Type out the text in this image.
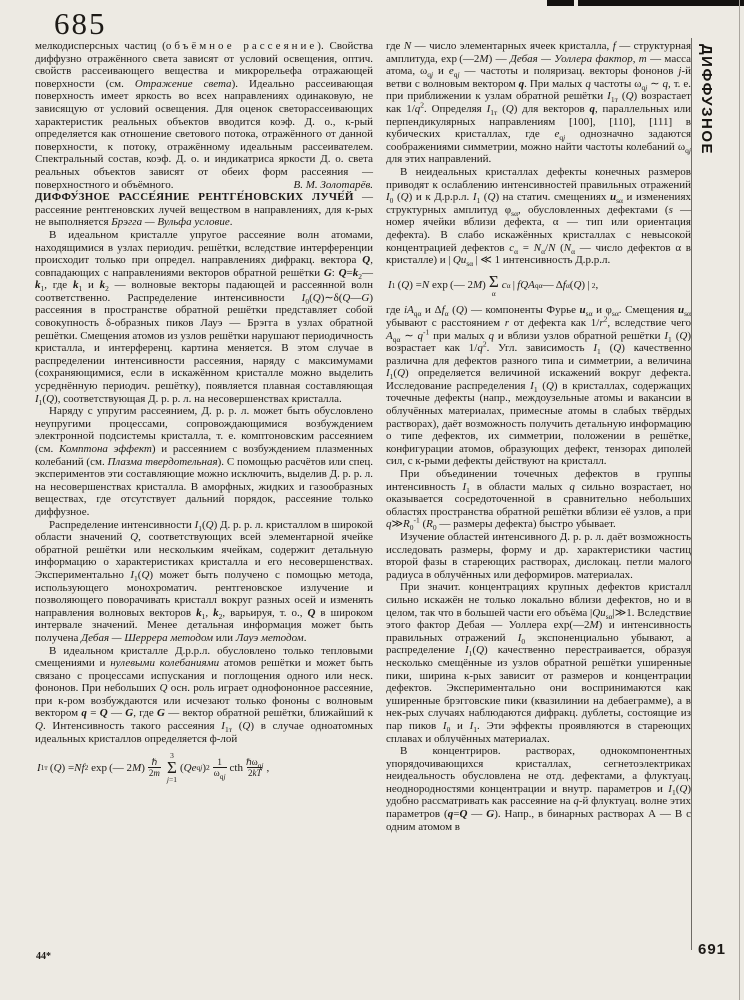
685
ДИФФУЗНОЕ

мелкодисперсных частиц (объёмное рассеяние). Свойства диффузно отражённого света зависят от условий освещения, оптич. свойств рассеивающего вещества и микрорельефа отражающей поверхности (см. Отражение света). Идеально рассеивающая поверхность имеет яркость во всех направлениях одинаковую, не зависящую от условий освещения. Для оценок светорассеивающих характеристик реальных объектов вводится коэф. Д. о., к-рый определяется как отношение светового потока, отражённого от данной поверхности, к потоку, отражённому идеальным рассеивателем. Спектральный состав, коэф. Д. о. и индикатриса яркости Д. о. света реальных объектов зависят от обеих форм рассеяния — поверхностного и объёмного.	В. М. Золотарёв.

ДИФФУ́ЗНОЕ РАССЕ́ЯНИЕ РЕНТГЕ́НОВСКИХ ЛУЧЕ́Й — рассеяние рентгеновских лучей веществом в направлениях, для к-рых не выполняется Брэгга — Вульфа условие.

В идеальном кристалле упругое рассеяние волн атомами, находящимися в узлах периодич. решётки, вследствие интерференции происходит только при определ. направлениях дифракц. вектора Q, совпадающих с направлениями векторов обратной решётки G: $Q=k_2—k_1$, где $k_1$ и $k_2$ — волновые векторы падающей и рассеянной волн соответственно. Распределение интенсивности $I_0(Q)\sim\delta(Q—G)$ рассеяния в пространстве обратной решётки представляет собой совокупность δ-образных пиков Лауэ — Брэгга в узлах обратной решётки. Смещения атомов из узлов решётки нарушают периодичность кристалла, и интерференц. картина меняется. В этом случае в распределении интенсивности рассеяния, наряду с максимумами (сохраняющимися, если в искажённом кристалле можно выделить усреднённую периодич. решётку), появляется плавная составляющая $I_1(Q)$, соответствующая Д. р. р. л. на несовершенствах кристалла.

Наряду с упругим рассеянием, Д. р. р. л. может быть обусловлено неупругими процессами, сопровождающимися возбуждением электронной подсистемы кристалла, т. е. комптоновским рассеянием (см. Комптона эффект) и рассеянием с возбуждением плазменных колебаний (см. Плазма твердотельная). С помощью расчётов или спец. экспериментов эти составляющие можно исключить, выделив Д. р. р. л. на несовершенствах кристалла. В аморфных, жидких и газообразных веществах, где отсутствует дальний порядок, рассеяние только диффузное.

Распределение интенсивности $I_1(Q)$ Д. р. р. л. кристаллом в широкой области значений Q, соответствующих всей элементарной ячейке обратной решётки или нескольким ячейкам, содержит детальную информацию о характеристиках кристалла и его несовершенствах. Экспериментально $I_1(Q)$ может быть получено с помощью метода, использующего монохроматич. рентгеновское излучение и позволяющего поворачивать кристалл вокруг разных осей и изменять направления волновых векторов $k_1$, $k_2$, варьируя, т. о., Q в широком интервале значений. Менее детальная информация может быть получена Дебая — Шеррера методом или Лауэ методом.

В идеальном кристалле Д.р.р.л. обусловлено только тепловыми смещениями и нулевыми колебаниями атомов решётки и может быть связано с процессами испускания и поглощения одного или неск. фононов. При небольших Q осн. роль играет однофононное рассеяние, при к-ром возбуждаются или исчезают только фононы с волновым вектором q = Q — G, где G — вектор обратной решётки, ближайший к Q. Интенсивность такого рассеяния $I_{1т}$ (Q) в случае одноатомных идеальных кристаллов определяется ф-лой

I 1т  ( Q ) = Nf 2 exp (— 2 M ) $\frac{\text{ℏ}}{2m}$
3
Σ
j=1
( Qe qj ) $2 \frac{1}{\omega_{qj}}$ cth $\frac{\hbar\omega_{qj}}{2kT}$ ,

где N — число элементарных ячеек кристалла, f — структурная амплитуда, exp (—2M) — Дебая — Уоллера фактор, m — масса атома, $\omega_{qj}$ и $e_{qj}$ — частоты и поляризац. векторы фононов j-й ветви с волновым вектором q. При малых q частоты $\omega_{qj}$ ∼ q, т. е. при приближении к узлам обратной решётки $I_{1т}$ (Q) возрастает как $1/q^2$. Определяя $I_{1т}$ (Q) для векторов q, параллельных или перпендикулярных направлениям [100], [110], [111] в кубических кристаллах, где $e_{qj}$ однозначно задаются соображениями симметрии, можно найти частоты колебаний $\omega_{qj}$ для этих направлений.

В неидеальных кристаллах дефекты конечных размеров приводят к ослаблению интенсивностей правильных отражений $I_0$ (Q) и к Д.р.р.л. $I_1$ (Q) на статич. смещениях $u_{s\alpha}$ и изменениях структурных амплитуд $\varphi_{s\alpha}$, обусловленных дефектами (s — номер ячейки вблизи дефекта, α — тип или ориентация дефекта). В слабо искажённых кристаллах с невысокой концентрацией дефектов $c_\alpha = N_\alpha/N$ ($N_\alpha$ — число дефектов α в кристалле) и | $Qu_{s\alpha}$ | ≪ 1 интенсивность Д.р.р.л.

I 1  ( Q ) = N exp (— 2 M ) Σ
α
c α  |  fQA qα — Δ f α ( Q ) |  2 ,

где $iA_{q\alpha}$ и $\Delta f_\alpha$ (Q) — компоненты Фурье $u_{s\alpha}$ и $\varphi_{s\alpha}$. Смещения $u_{s\alpha}$ убывают с расстоянием r от дефекта как $1/r^2$, вследствие чего $A_{q\alpha}$ ∼ $q^{-1}$ при малых q и вблизи узлов обратной решётки $I_1$ (Q) возрастает как $1/q^2$. Угл. зависимость $I_1$ (Q) качественно различна для дефектов разного типа и симметрии, а величина $I_1(Q)$ определяется величиной искажений вокруг дефекта. Исследование распределения $I_1$ (Q) в кристаллах, содержащих точечные дефекты (напр., междоузельные атомы и вакансии в облучённых материалах, примесные атомы в слабых твёрдых растворах), даёт возможность получить детальную информацию о типе дефектов, их симметрии, положении в решётке, конфигурации атомов, образующих дефект, тензорах диполей сил, с к-рыми дефекты действуют на кристалл.

При объединении точечных дефектов в группы интенсивность $I_1$ в области малых q сильно возрастает, но оказывается сосредоточенной в сравнительно небольших областях пространства обратной решётки вблизи её узлов, а при $q≫R_0^{-1}$ ($R_0$ — размеры дефекта) быстро убывает.

Изучение областей интенсивного Д. р. р. л. даёт возможность исследовать размеры, форму и др. характеристики частиц второй фазы в стареющих растворах, дислокац. петли малого радиуса в облучённых или деформиров. материалах.

При значит. концентрациях крупных дефектов кристалл сильно искажён не только локально вблизи дефектов, но и в целом, так что в большей части его объёма $|Qu_{s\alpha}|≫1$. Вследствие этого фактор Дебая — Уоллера exp(—2M) и интенсивность правильных отражений $I_0$ экспоненциально убывают, а распределение $I_1(Q)$ качественно перестраивается, образуя несколько смещённые из узлов обратной решётки уширенные пики, ширина к-рых зависит от размеров и концентрации дефектов. Экспериментально они воспринимаются как уширенные брэгговские пики (квазилинии на дебаеграмме), а в нек-рых случаях наблюдаются дифракц. дублеты, состоящие из пар пиков $I_0$ и $I_1$. Эти эффекты проявляются в стареющих сплавах и облучённых материалах.

В концентриров. растворах, однокомпонентных упорядочивающихся кристаллах, сегнетоэлектриках неидеальность обусловлена не отд. дефектами, а флуктуац. неоднородностями концентрации и внутр. параметров и $I_1(Q)$ удобно рассматривать как рассеяние на q-й флуктуац. волне этих параметров (q=Q — G). Напр., в бинарных растворах А — В с одним атомом в

44*	691
